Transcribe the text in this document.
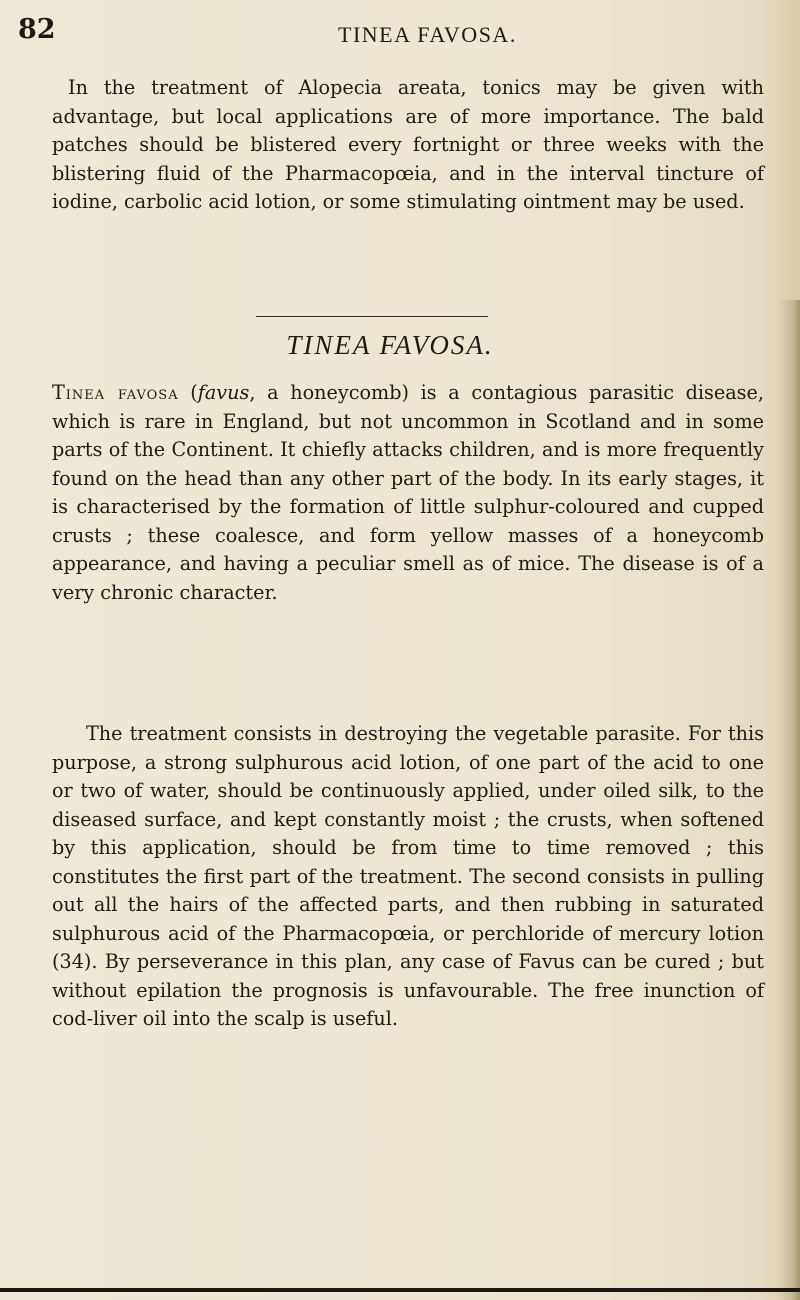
82	TINEA FAVOSA.

In the treatment of Alopecia areata, tonics may be given with advantage, but local applications are of more importance. The bald patches should be blistered every fortnight or three weeks with the blistering fluid of the Pharmacopœia, and in the interval tincture of iodine, carbolic acid lotion, or some stimulating ointment may be used.

TINEA FAVOSA.

Tinea favosa (favus, a honeycomb) is a contagious parasitic disease, which is rare in England, but not uncommon in Scotland and in some parts of the Continent. It chiefly attacks children, and is more frequently found on the head than any other part of the body. In its early stages, it is characterised by the formation of little sulphur-coloured and cupped crusts ; these coalesce, and form yellow masses of a honeycomb appearance, and having a peculiar smell as of mice. The disease is of a very chronic character.

The treatment consists in destroying the vegetable parasite. For this purpose, a strong sulphurous acid lotion, of one part of the acid to one or two of water, should be continuously applied, under oiled silk, to the diseased surface, and kept constantly moist ; the crusts, when softened by this application, should be from time to time removed ; this constitutes the first part of the treatment. The second consists in pulling out all the hairs of the affected parts, and then rubbing in saturated sulphurous acid of the Pharmacopœia, or perchloride of mercury lotion (34). By perseverance in this plan, any case of Favus can be cured ; but without epilation the prognosis is unfavourable. The free inunction of cod-liver oil into the scalp is useful.
